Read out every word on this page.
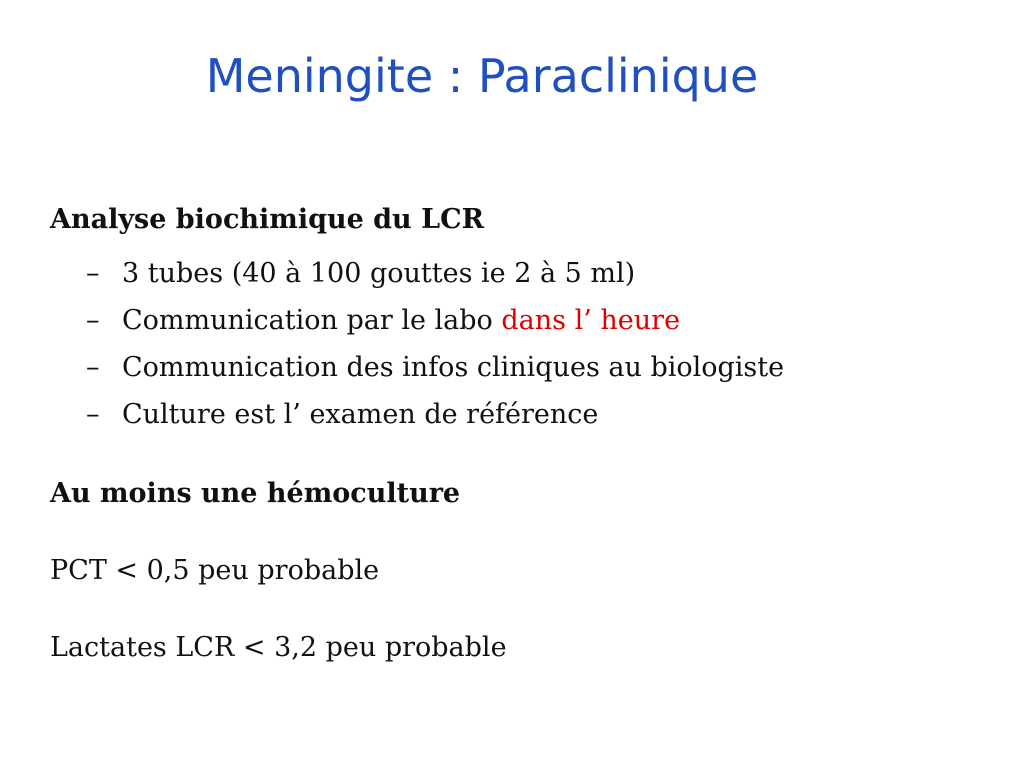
Meningite : Paraclinique
Analyse biochimique du LCR
– 3 tubes (40 à 100 gouttes ie 2 à 5 ml)
– Communication par le labo dans l’ heure
– Communication des infos cliniques au biologiste
– Culture est l’ examen de référence
Au moins une hémoculture
PCT < 0,5 peu probable
Lactates LCR < 3,2 peu probable
